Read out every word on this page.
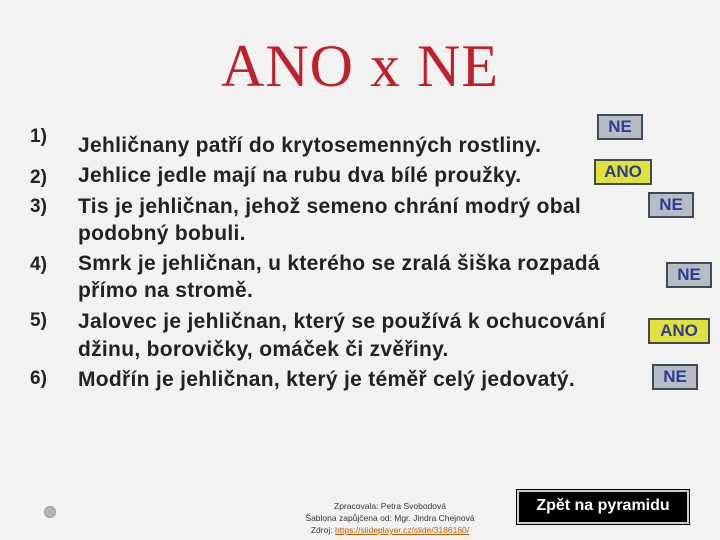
ANO x NE
1)
2)
3)
4)
5)
6)
Jehličnany patří do krytosemenných rostliny.
Jehlice jedle mají na rubu dva bílé proužky.
Tis je jehličnan, jehož semeno chrání modrý obal
podobný bobuli.
Smrk je jehličnan, u kterého se zralá šiška rozpadá
přímo na stromě.
Jalovec je jehličnan, který se používá k ochucování
džinu, borovičky, omáček či zvěřiny.
Modřín je jehličnan, který je téměř celý jedovatý.
NE
ANO
NE
NE
ANO
NE
Zpracovala: Petra Svobodová
Šablona zapůjčena od: Mgr. Jindra Chejnová
Zdroj: https://slideplayer.cz/slide/3186160/
Zpět na pyramidu
